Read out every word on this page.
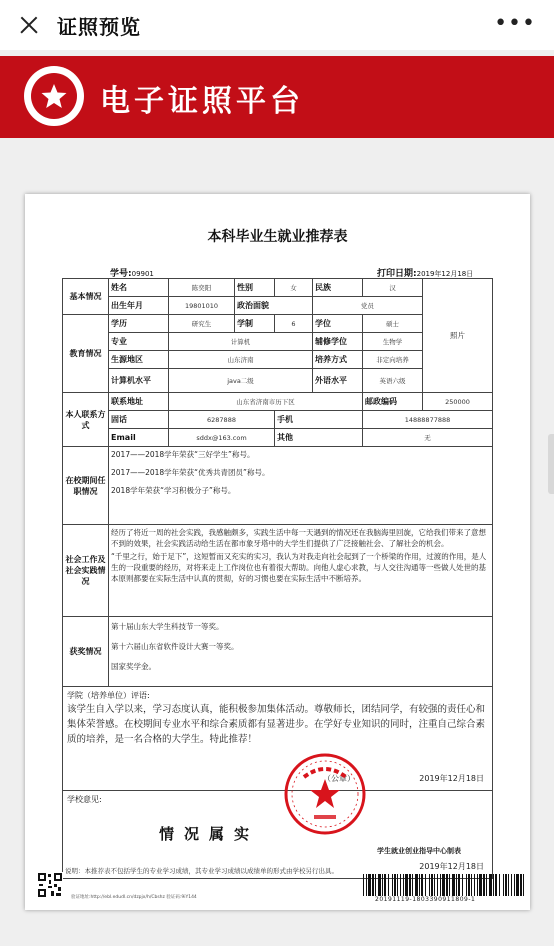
证照预览	•••
电子证照平台
本科毕业生就业推荐表
学号:09901	打印日期:2019年12月18日
基本情况	姓名	陈奕阳	性别	女	民族	汉	照片
	出生年月	19801010	政治面貌		党员		
教育情况	学历	研究生	学制	6	学位	硕士	
	专业	计算机			辅修学位	生物学	
	生源地区	山东济南			培养方式	非定向培养	
	计算机水平	java二级			外语水平	英语六级	
本人联系方式	联系地址	山东省济南市历下区				邮政编码	250000
	固话	6287888		手机		14888877888	
	Email	sddx@163.com		其他		无	
在校期间任职情况	2017——2018学年荣获“三好学生”称号。
2017——2018学年荣获“优秀共青团员”称号。
2018学年荣获“学习积极分子”称号。						

社会工作及社会实践情况	经历了将近一周的社会实践，我感触颇多，实践生活中每一天遇到的情况还在我脑海里回旋，它给我们带来了意想不到的效果，社会实践活动给生活在都市象牙塔中的大学生们提供了广泛接触社会、了解社会的机会。
“千里之行，始于足下”，这短暂而又充实的实习，我认为对我走向社会起到了一个桥梁的作用，过渡的作用，是人生的一段重要的经历，对将来走上工作岗位也有着很大帮助。向他人虚心求教，与人交往沟通等一些做人处世的基本原则都要在实际生活中认真的贯彻，好的习惯也要在实际生活中不断培养。						

获奖情况	第十届山东大学生科技节一等奖。
第十六届山东省软件设计大赛一等奖。
国家奖学金。						

学院（培养单位）评语:
该学生自入学以来，学习态度认真，能积极参加集体活动。尊敬师长，团结同学，有较强的责任心和集体荣誉感。在校期间专业水平和综合素质都有显著进步。在学好专业知识的同时，注重自己综合素质的培养，是一名合格的大学生。特此推荐！
（公章） 2019年12月18日							

学校意见:
情况属实
2019年12月18日							
学生就业创业指导中心制表
说明：本推荐表不包括学生的专业学习成绩，其专业学习成绩以成绩单的形式由学校另行出具。
验证地址:http://ebl.edudl.cn/dzpjx/h/Cbshz 验证码:9iY144	20191119-1803390911809-1
